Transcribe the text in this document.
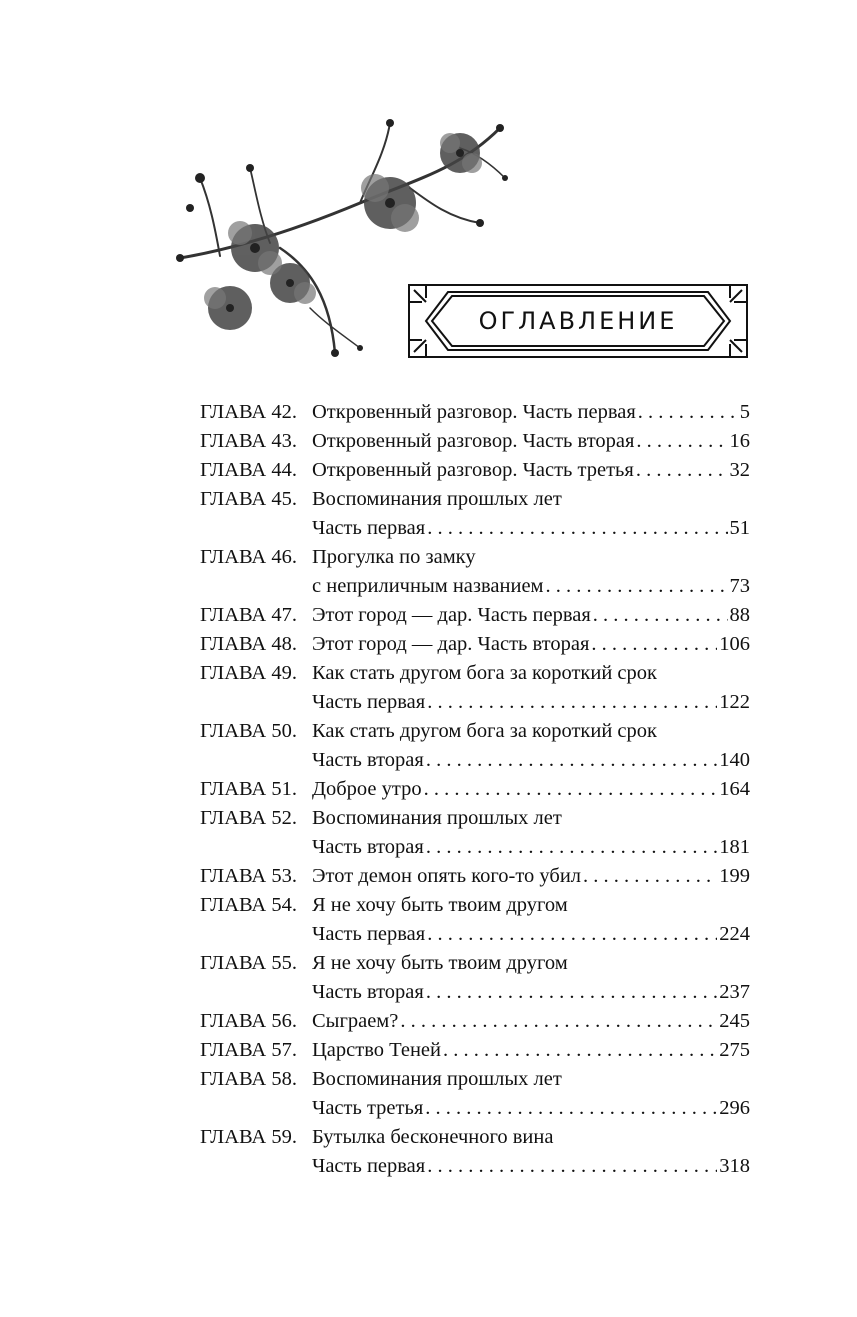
ОГЛАВЛЕНИЕ
ГЛАВА 42. Откровенный разговор. Часть первая . . .	5
ГЛАВА 43. Откровенный разговор. Часть вторая . . .	16
ГЛАВА 44. Откровенный разговор. Часть третья . . .	32
ГЛАВА 45. Воспоминания прошлых лет
Часть первая . . .	51
ГЛАВА 46. Прогулка по замку
с неприличным названием . . .	73
ГЛАВА 47. Этот город — дар. Часть первая . . .	88
ГЛАВА 48. Этот город — дар. Часть вторая . . .	106
ГЛАВА 49. Как стать другом бога за короткий срок
Часть первая . . .	122
ГЛАВА 50. Как стать другом бога за короткий срок
Часть вторая . . .	140
ГЛАВА 51. Доброе утро . . .	164
ГЛАВА 52. Воспоминания прошлых лет
Часть вторая . . .	181
ГЛАВА 53. Этот демон опять кого-то убил . . .	199
ГЛАВА 54. Я не хочу быть твоим другом
Часть первая . . .	224
ГЛАВА 55. Я не хочу быть твоим другом
Часть вторая . . .	237
ГЛАВА 56. Сыграем? . . .	245
ГЛАВА 57. Царство Теней . . .	275
ГЛАВА 58. Воспоминания прошлых лет
Часть третья . . .	296
ГЛАВА 59. Бутылка бесконечного вина
Часть первая . . .	318
